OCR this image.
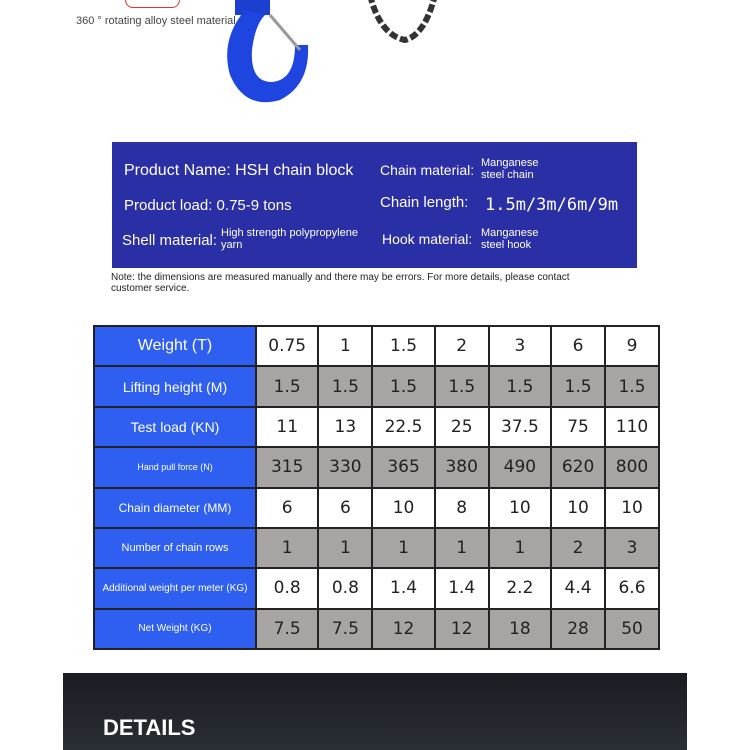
360 ° rotating alloy steel material
Product Name: HSH chain block
Product load: 0.75-9 tons
Shell material: High strength polypropylene yarn
Chain material: Manganese steel chain
Chain length: 1.5m/3m/6m/9m
Hook material: Manganese steel hook
Note: the dimensions are measured manually and there may be errors. For more details, please contact customer service.
Weight (T)	0.75	1	1.5	2	3	6	9
Lifting height (M)	1.5	1.5	1.5	1.5	1.5	1.5	1.5
Test load (KN)	11	13	22.5	25	37.5	75	110
Hand pull force (N)	315	330	365	380	490	620	800
Chain diameter (MM)	6	6	10	8	10	10	10
Number of chain rows	1	1	1	1	1	2	3
Additional weight per meter (KG)	0.8	0.8	1.4	1.4	2.2	4.4	6.6
Net Weight (KG)	7.5	7.5	12	12	18	28	50
DETAILS
